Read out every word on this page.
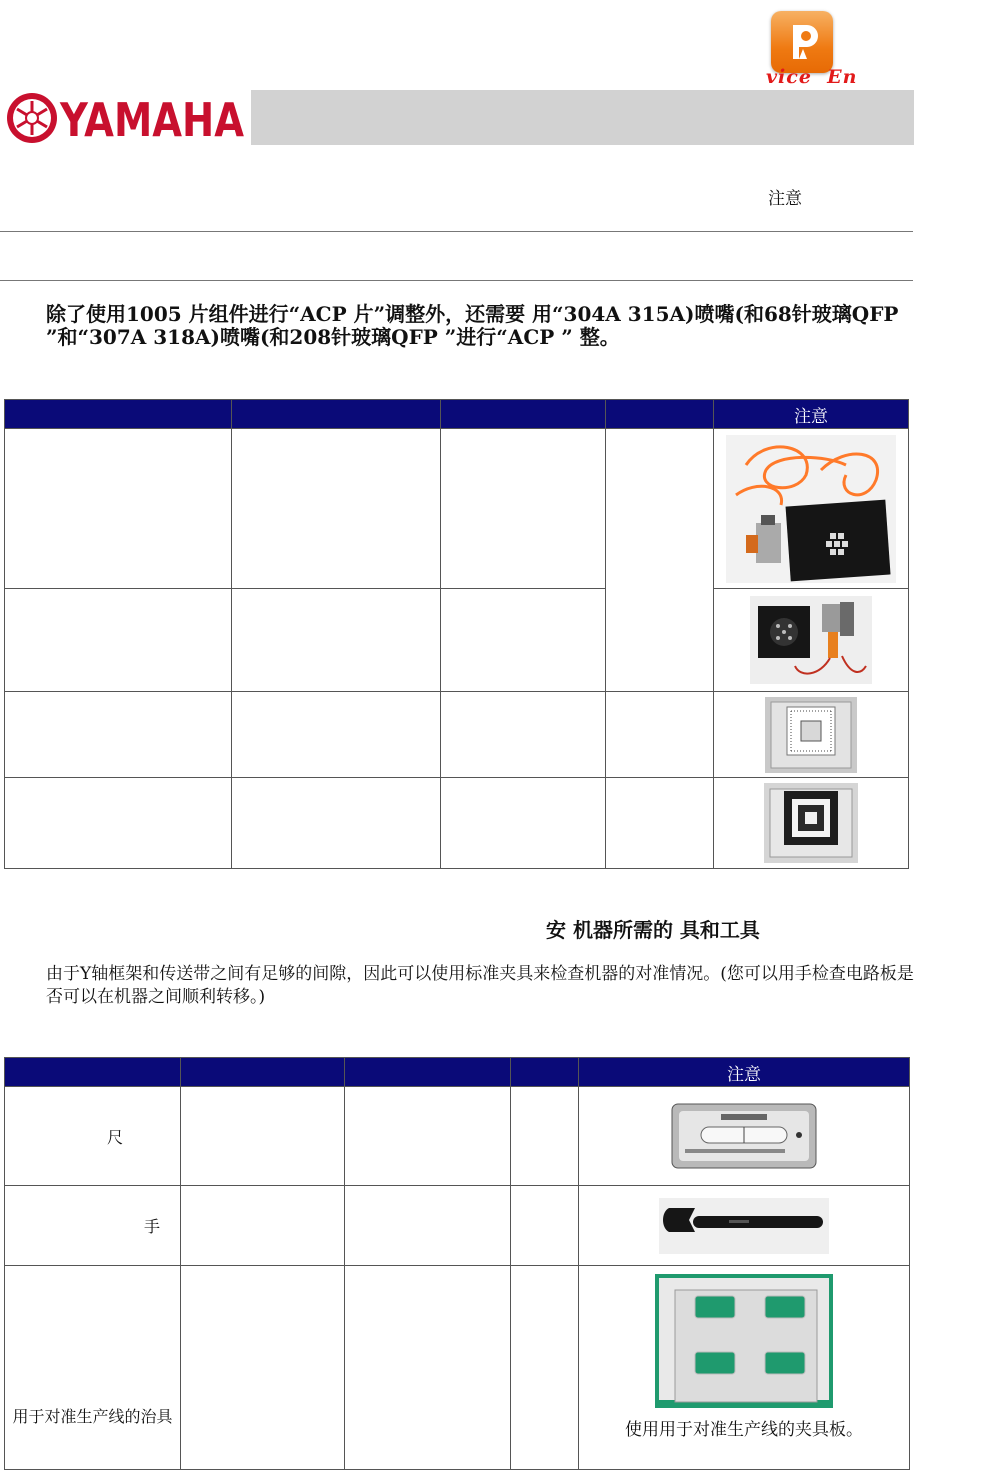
vice  En
YAMAHA
注意
除了使用1005 片组件进行“ACP 片”调整外，还需要 用“304A 315A)喷嘴(和68针玻璃QFP ”和“307A 318A)喷嘴(和208针玻璃QFP ”进行“ACP ” 整。
				注意

安 机器所需的 具和工具
由于Y轴框架和传送带之间有足够的间隙，因此可以使用标准夹具来检查机器的对准情况。(您可以用手检查电路板是否可以在机器之间顺利转移。)
				注意
尺				

手				

用于对准生产线的治具				使用用于对准生产线的夹具板。
